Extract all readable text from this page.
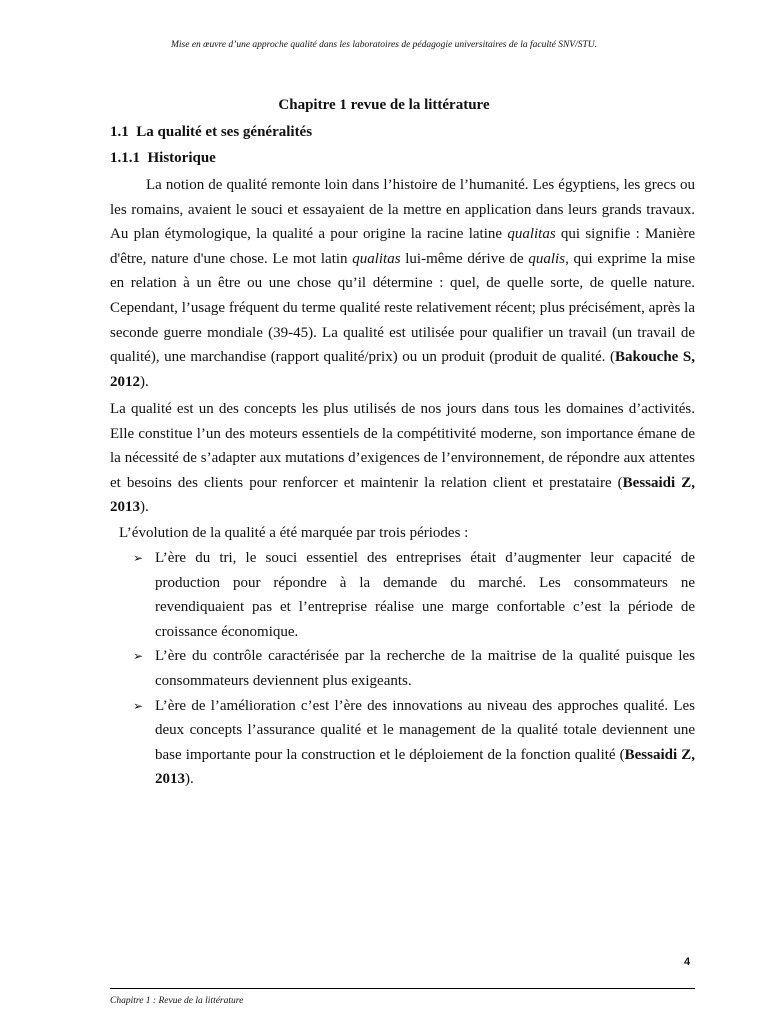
Mise en œuvre d’une approche qualité dans les laboratoires de pédagogie universitaires de la faculté SNV/STU.
Chapitre 1 revue de la littérature
1.1 La qualité et ses généralités
1.1.1 Historique
La notion de qualité remonte loin dans l’histoire de l’humanité. Les égyptiens, les grecs ou les romains, avaient le souci et essayaient de la mettre en application dans leurs grands travaux. Au plan étymologique, la qualité a pour origine la racine latine qualitas qui signifie : Manière d'être, nature d'une chose. Le mot latin qualitas lui-même dérive de qualis, qui exprime la mise en relation à un être ou une chose qu’il détermine : quel, de quelle sorte, de quelle nature. Cependant, l’usage fréquent du terme qualité reste relativement récent; plus précisément, après la seconde guerre mondiale (39-45). La qualité est utilisée pour qualifier un travail (un travail de qualité), une marchandise (rapport qualité/prix) ou un produit (produit de qualité. (Bakouche S, 2012).
La qualité est un des concepts les plus utilisés de nos jours dans tous les domaines d’activités. Elle constitue l’un des moteurs essentiels de la compétitivité moderne, son importance émane de la nécessité de s’adapter aux mutations d’exigences de l’environnement, de répondre aux attentes et besoins des clients pour renforcer et maintenir la relation client et prestataire (Bessaidi Z, 2013).
L’évolution de la qualité a été marquée par trois périodes :
➢ L’ère du tri, le souci essentiel des entreprises était d’augmenter leur capacité de production pour répondre à la demande du marché. Les consommateurs ne revendiquaient pas et l’entreprise réalise une marge confortable c’est la période de croissance économique.
➢ L’ère du contrôle caractérisée par la recherche de la maitrise de la qualité puisque les consommateurs deviennent plus exigeants.
➢ L’ère de l’amélioration c’est l’ère des innovations au niveau des approches qualité. Les deux concepts l’assurance qualité et le management de la qualité totale deviennent une base importante pour la construction et le déploiement de la fonction qualité (Bessaidi Z, 2013).
4
Chapitre 1 : Revue de la littérature
